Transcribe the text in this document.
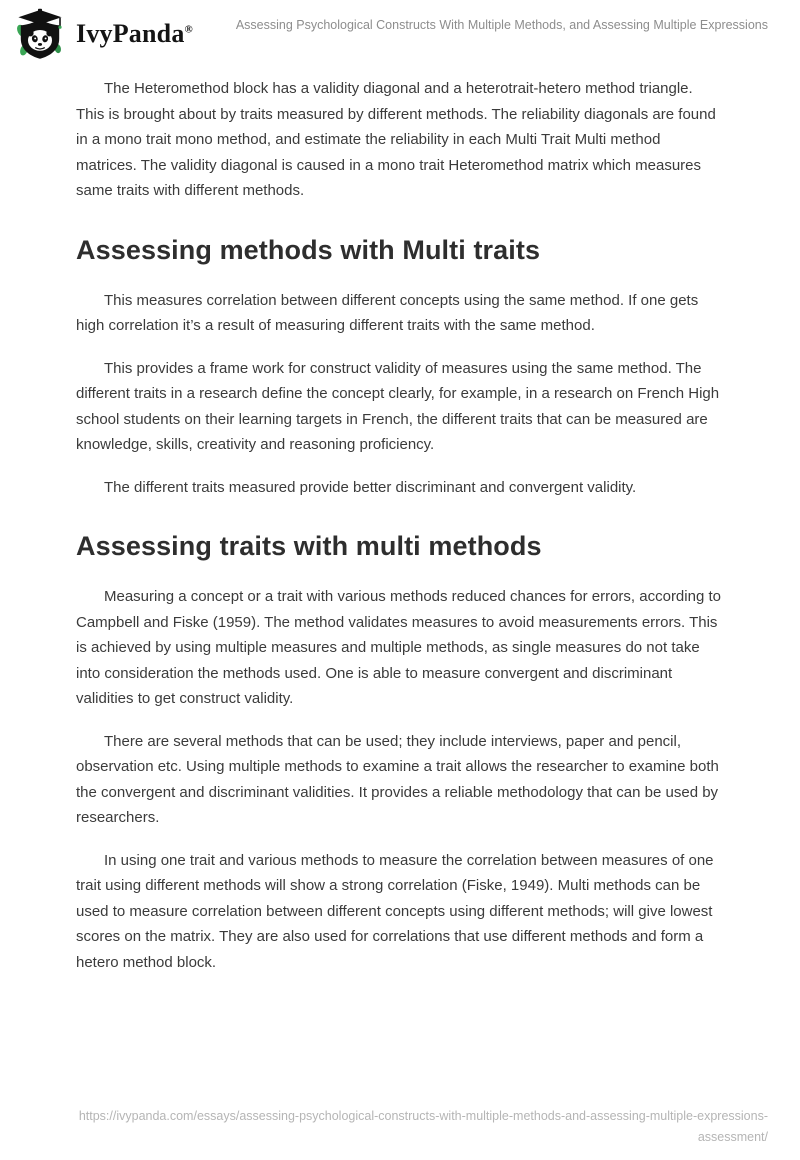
IvyPanda®	Assessing Psychological Constructs With Multiple Methods, and Assessing Multiple Expressions

The Heteromethod block has a validity diagonal and a heterotrait-hetero method triangle. This is brought about by traits measured by different methods. The reliability diagonals are found in a mono trait mono method, and estimate the reliability in each Multi Trait Multi method matrices. The validity diagonal is caused in a mono trait Heteromethod matrix which measures same traits with different methods.

Assessing methods with Multi traits

This measures correlation between different concepts using the same method. If one gets high correlation it’s a result of measuring different traits with the same method.

This provides a frame work for construct validity of measures using the same method. The different traits in a research define the concept clearly, for example, in a research on French High school students on their learning targets in French, the different traits that can be measured are knowledge, skills, creativity and reasoning proficiency.

The different traits measured provide better discriminant and convergent validity.

Assessing traits with multi methods

Measuring a concept or a trait with various methods reduced chances for errors, according to Campbell and Fiske (1959). The method validates measures to avoid measurements errors. This is achieved by using multiple measures and multiple methods, as single measures do not take into consideration the methods used. One is able to measure convergent and discriminant validities to get construct validity.

There are several methods that can be used; they include interviews, paper and pencil, observation etc. Using multiple methods to examine a trait allows the researcher to examine both the convergent and discriminant validities. It provides a reliable methodology that can be used by researchers.

In using one trait and various methods to measure the correlation between measures of one trait using different methods will show a strong correlation (Fiske, 1949). Multi methods can be used to measure correlation between different concepts using different methods; will give lowest scores on the matrix. They are also used for correlations that use different methods and form a hetero method block.

https://ivypanda.com/essays/assessing-psychological-constructs-with-multiple-methods-and-assessing-multiple-expressions-assessment/
